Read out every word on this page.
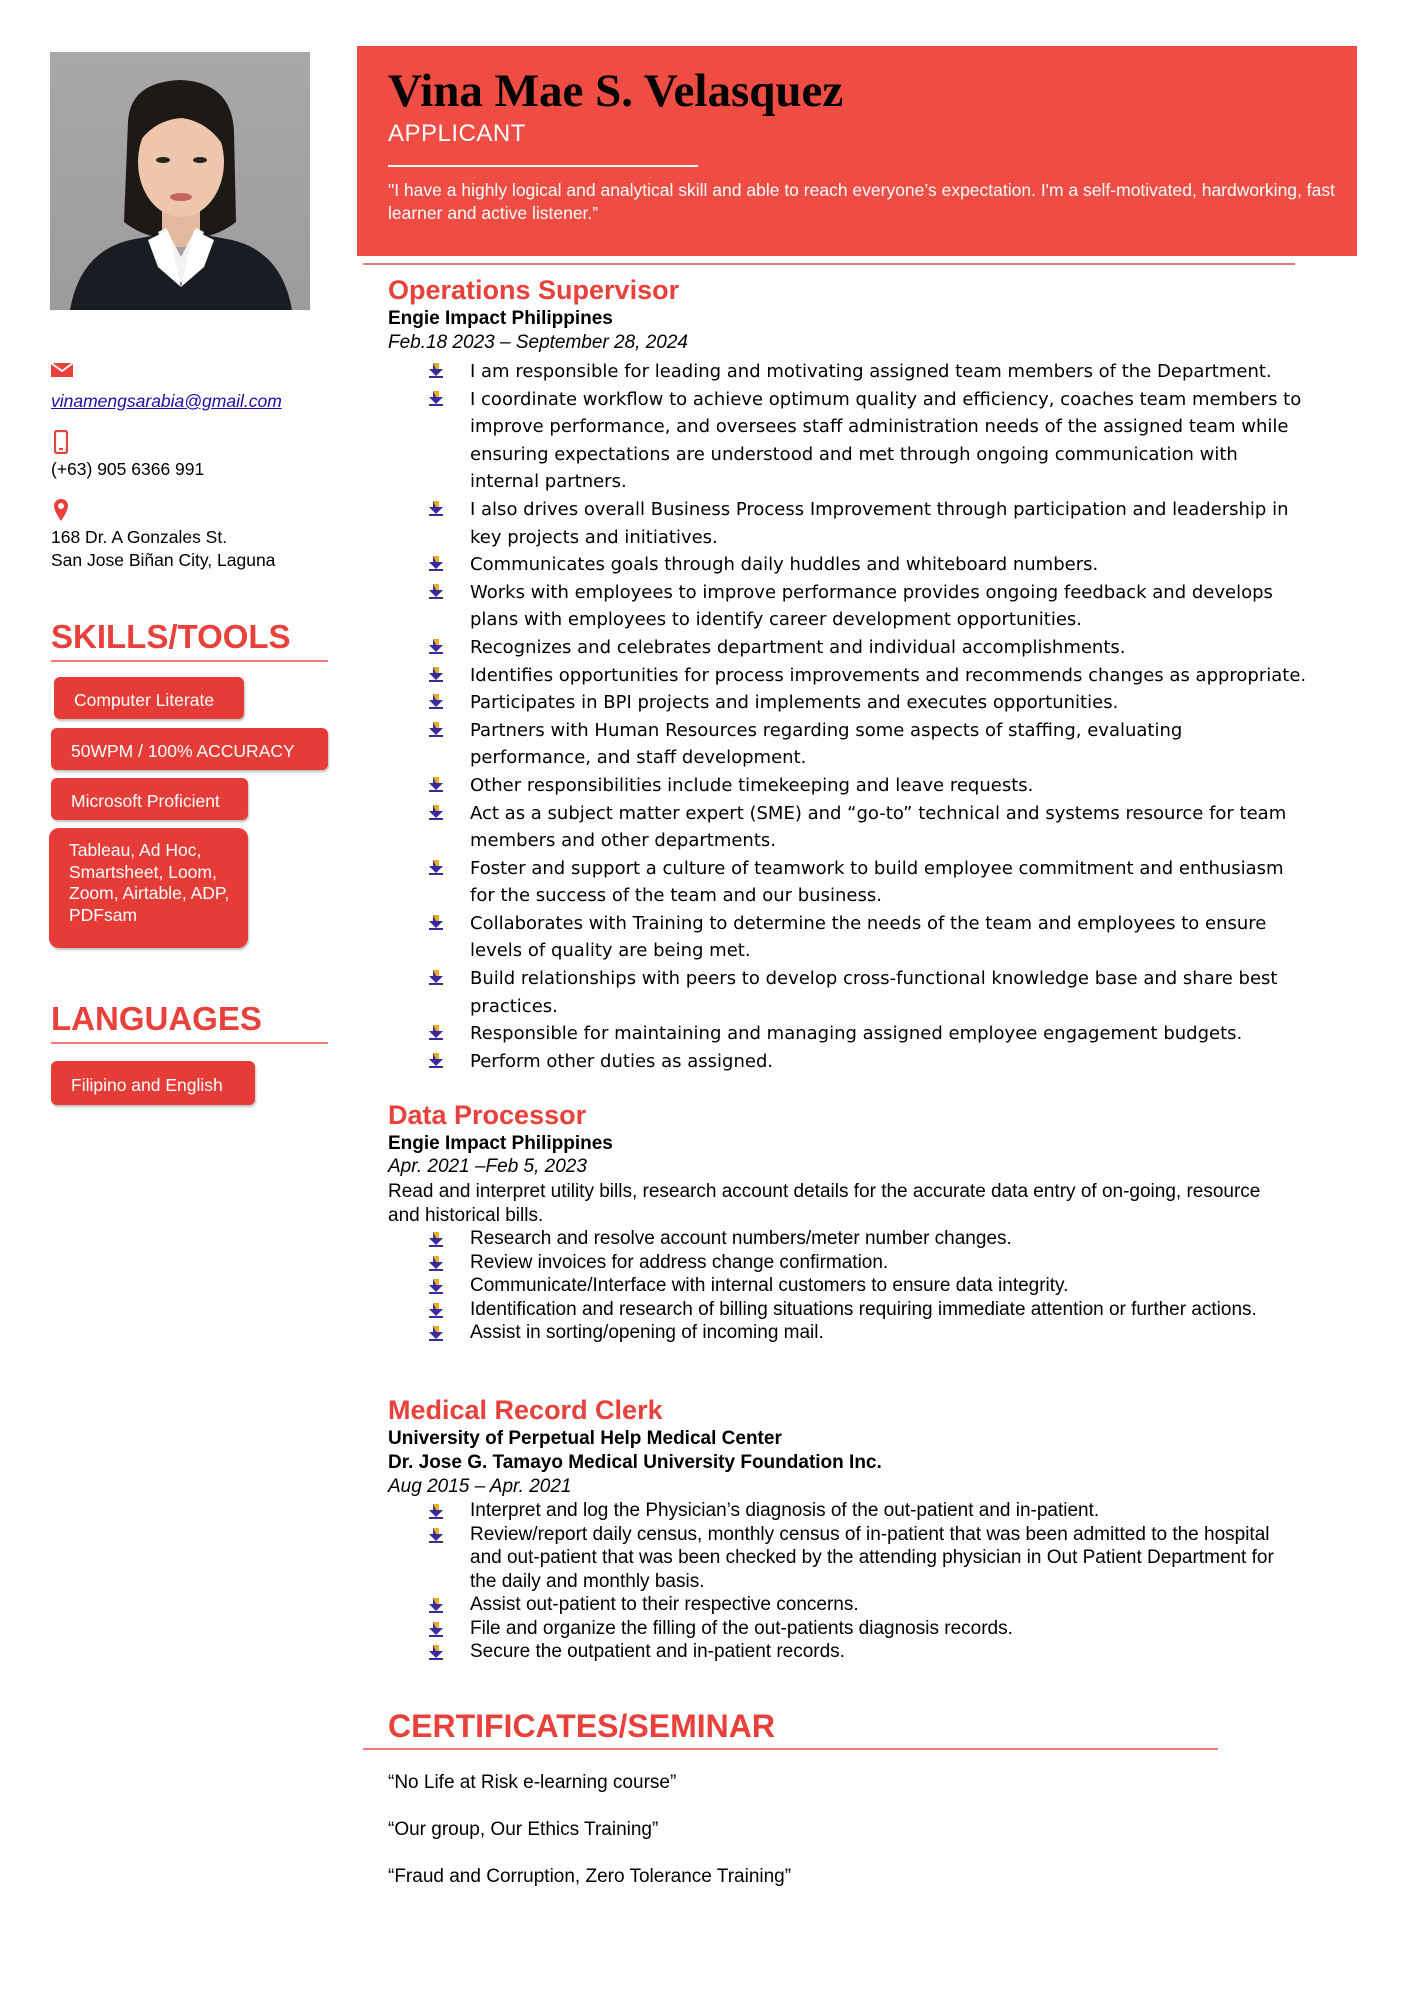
vinamengsarabia@gmail.com
(+63) 905 6366 991
168 Dr. A Gonzales St.
San Jose Biñan City, Laguna
SKILLS/TOOLS
Computer Literate
50WPM / 100% ACCURACY
Microsoft Proficient
Tableau, Ad Hoc,
Smartsheet, Loom,
Zoom, Airtable, ADP,
PDFsam
LANGUAGES
Filipino and English
Vina Mae S. Velasquez
APPLICANT
"I have a highly logical and analytical skill and able to reach everyone’s expectation. I'm a self-motivated, hardworking, fast learner and active listener.”
Operations Supervisor
Engie Impact Philippines
Feb.18 2023 – September 28, 2024
I am responsible for leading and motivating assigned team members of the Department.
I coordinate workflow to achieve optimum quality and efficiency, coaches team members to improve performance, and oversees staff administration needs of the assigned team while ensuring expectations are understood and met through ongoing communication with internal partners.
I also drives overall Business Process Improvement through participation and leadership in key projects and initiatives.
Communicates goals through daily huddles and whiteboard numbers.
Works with employees to improve performance provides ongoing feedback and develops plans with employees to identify career development opportunities.
Recognizes and celebrates department and individual accomplishments.
Identifies opportunities for process improvements and recommends changes as appropriate.
Participates in BPI projects and implements and executes opportunities.
Partners with Human Resources regarding some aspects of staffing, evaluating performance, and staff development.
Other responsibilities include timekeeping and leave requests.
Act as a subject matter expert (SME) and “go-to” technical and systems resource for team members and other departments.
Foster and support a culture of teamwork to build employee commitment and enthusiasm for the success of the team and our business.
Collaborates with Training to determine the needs of the team and employees to ensure levels of quality are being met.
Build relationships with peers to develop cross-functional knowledge base and share best practices.
Responsible for maintaining and managing assigned employee engagement budgets.
Perform other duties as assigned.
Data Processor
Engie Impact Philippines
Apr. 2021 –Feb 5, 2023
Read and interpret utility bills, research account details for the accurate data entry of on-going, resource and historical bills.
Research and resolve account numbers/meter number changes.
Review invoices for address change confirmation.
Communicate/Interface with internal customers to ensure data integrity.
Identification and research of billing situations requiring immediate attention or further actions.
Assist in sorting/opening of incoming mail.
Medical Record Clerk
University of Perpetual Help Medical Center
Dr. Jose G. Tamayo Medical University Foundation Inc.
Aug 2015 – Apr. 2021
Interpret and log the Physician’s diagnosis of the out-patient and in-patient.
Review/report daily census, monthly census of in-patient that was been admitted to the hospital and out-patient that was been checked by the attending physician in Out Patient Department for the daily and monthly basis.
Assist out-patient to their respective concerns.
File and organize the filling of the out-patients diagnosis records.
Secure the outpatient and in-patient records.
CERTIFICATES/SEMINAR
“No Life at Risk e-learning course”
“Our group, Our Ethics Training”
“Fraud and Corruption, Zero Tolerance Training”
